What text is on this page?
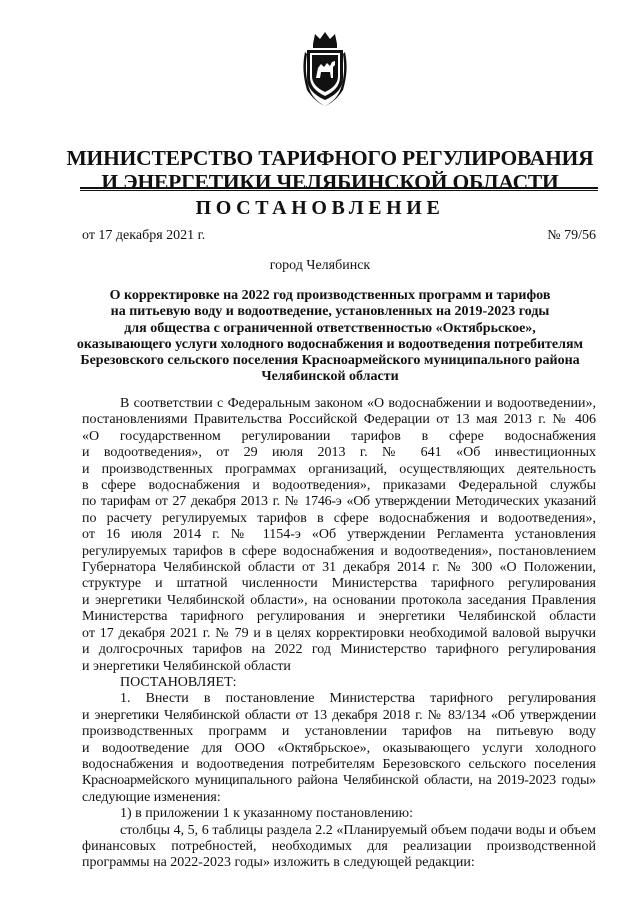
МИНИСТЕРСТВО ТАРИФНОГО РЕГУЛИРОВАНИЯ
И ЭНЕРГЕТИКИ ЧЕЛЯБИНСКОЙ ОБЛАСТИ
ПОСТАНОВЛЕНИЕ
от 17 декабря 2021 г.	№ 79/56
город Челябинск
О корректировке на 2022 год производственных программ и тарифов
на питьевую воду и водоотведение, установленных на 2019-2023 годы
для общества с ограниченной ответственностью «Октябрьское»,
оказывающего услуги холодного водоснабжения и водоотведения потребителям
Березовского сельского поселения Красноармейского муниципального района
Челябинской области
В соответствии с Федеральным законом «О водоснабжении и водоотведении»,
постановлениями Правительства Российской Федерации от 13 мая 2013 г. № 406
«О государственном регулировании тарифов в сфере водоснабжения
и водоотведения», от 29 июля 2013 г. № 641 «Об инвестиционных
и производственных программах организаций, осуществляющих деятельность
в сфере водоснабжения и водоотведения», приказами Федеральной службы
по тарифам от 27 декабря 2013 г. № 1746-э «Об утверждении Методических указаний
по расчету регулируемых тарифов в сфере водоснабжения и водоотведения»,
от 16 июля 2014 г. № 1154-э «Об утверждении Регламента установления
регулируемых тарифов в сфере водоснабжения и водоотведения», постановлением
Губернатора Челябинской области от 31 декабря 2014 г. № 300 «О Положении,
структуре и штатной численности Министерства тарифного регулирования
и энергетики Челябинской области», на основании протокола заседания Правления
Министерства тарифного регулирования и энергетики Челябинской области
от 17 декабря 2021 г. № 79 и в целях корректировки необходимой валовой выручки
и долгосрочных тарифов на 2022 год Министерство тарифного регулирования
и энергетики Челябинской области
ПОСТАНОВЛЯЕТ:
1. Внести в постановление Министерства тарифного регулирования
и энергетики Челябинской области от 13 декабря 2018 г. № 83/134 «Об утверждении
производственных программ и установлении тарифов на питьевую воду
и водоотведение для ООО «Октябрьское», оказывающего услуги холодного
водоснабжения и водоотведения потребителям Березовского сельского поселения
Красноармейского муниципального района Челябинской области, на 2019-2023 годы»
следующие изменения:
1) в приложении 1 к указанному постановлению:
столбцы 4, 5, 6 таблицы раздела 2.2 «Планируемый объем подачи воды и объем
финансовых потребностей, необходимых для реализации производственной
программы на 2022-2023 годы» изложить в следующей редакции:
